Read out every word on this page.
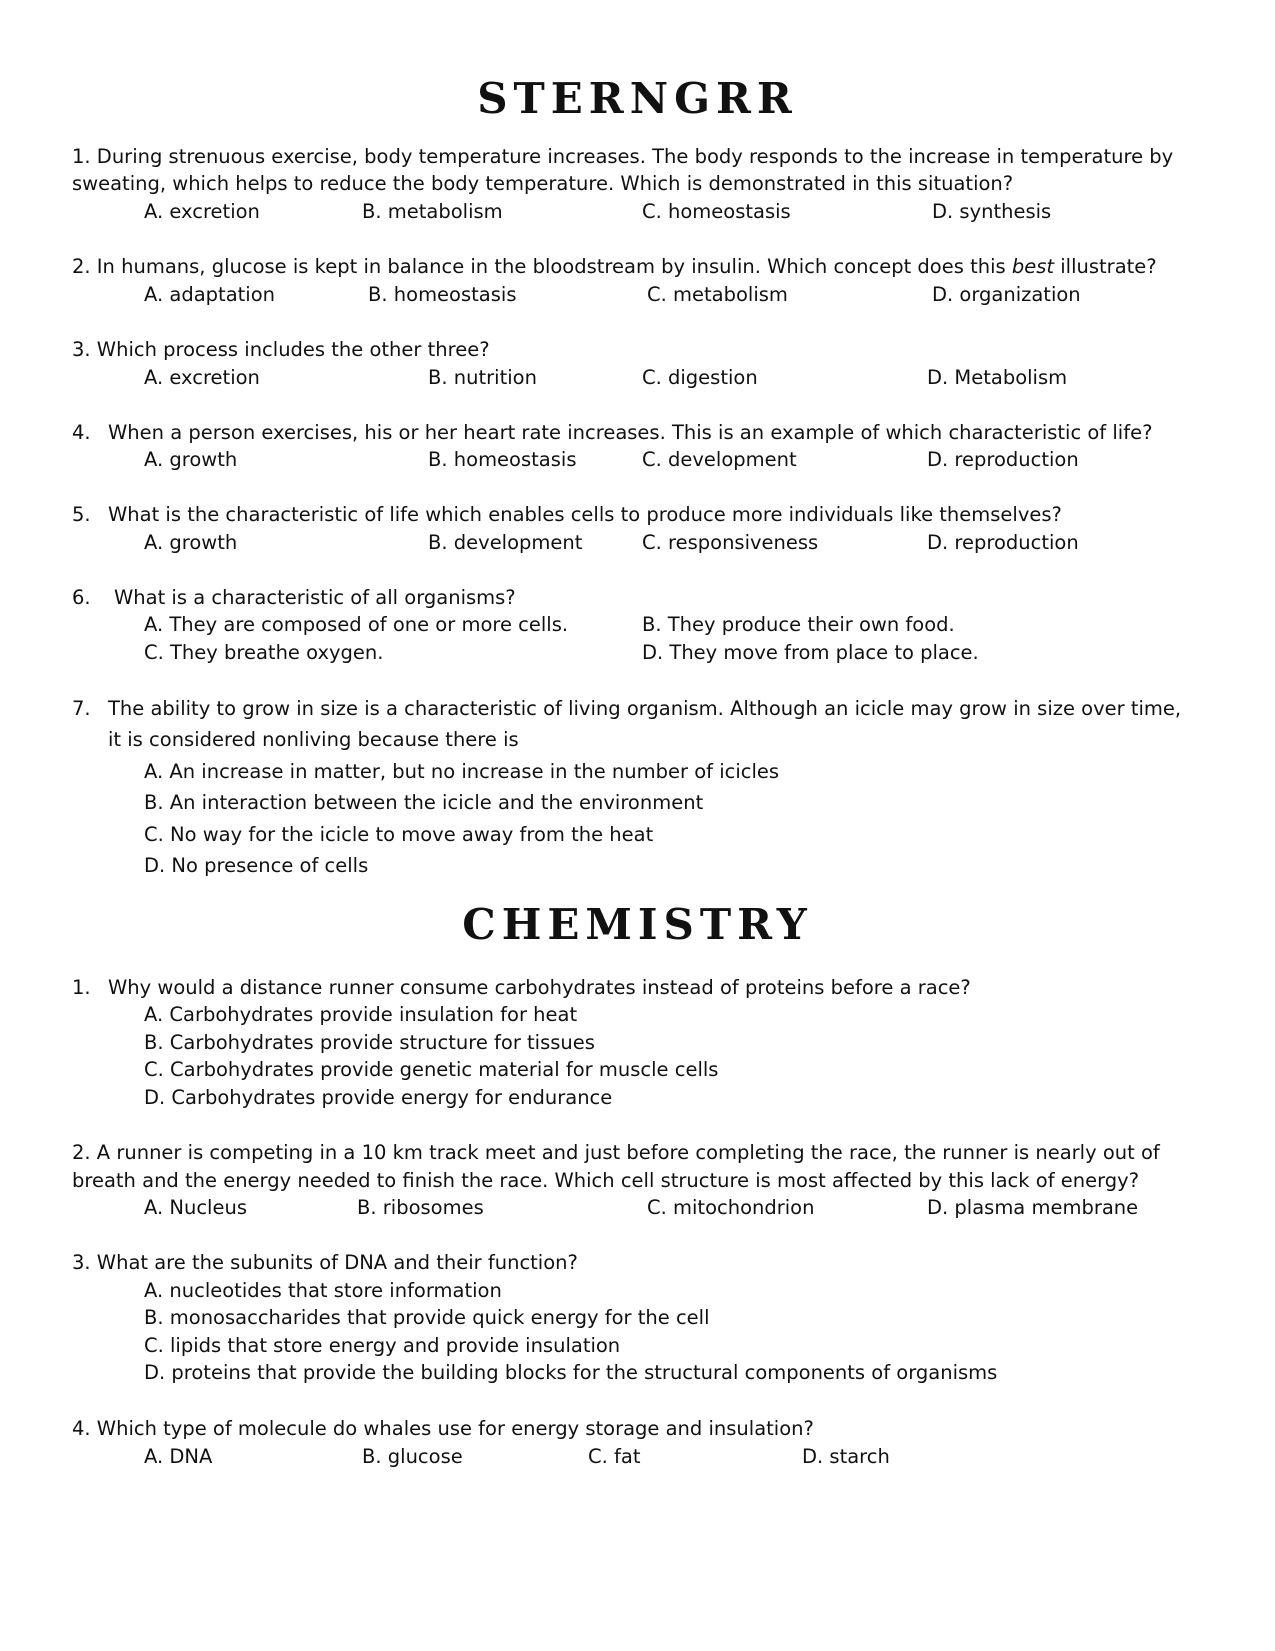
STERNGRR

1. During strenuous exercise, body temperature increases. The body responds to the increase in temperature by

sweating, which helps to reduce the body temperature. Which is demonstrated in this situation?

A. excretion	B. metabolism	C. homeostasis	D. synthesis

2. In humans, glucose is kept in balance in the bloodstream by insulin. Which concept does this best illustrate?

A. adaptation	B. homeostasis	C. metabolism	D. organization

3. Which process includes the other three?

A. excretion	B. nutrition	C. digestion	D. Metabolism
4. When a person exercises, his or her heart rate increases. This is an example of which characteristic of life?

A. growth	B. homeostasis	C. development	D. reproduction
5. What is the characteristic of life which enables cells to produce more individuals like themselves?

A. growth	B. development	C. responsiveness	D. reproduction
6. What is a characteristic of all organisms?

A. They are composed of one or more cells.	B. They produce their own food.
C. They breathe oxygen.	D. They move from place to place.
7. The ability to grow in size is a characteristic of living organism. Although an icicle may grow in size over time,

it is considered nonliving because there is

A. An increase in matter, but no increase in the number of icicles
B. An interaction between the icicle and the environment
C. No way for the icicle to move away from the heat
D. No presence of cells
CHEMISTRY
1. Why would a distance runner consume carbohydrates instead of proteins before a race?

A. Carbohydrates provide insulation for heat
B. Carbohydrates provide structure for tissues
C. Carbohydrates provide genetic material for muscle cells
D. Carbohydrates provide energy for endurance

2. A runner is competing in a 10 km track meet and just before completing the race, the runner is nearly out of

breath and the energy needed to finish the race. Which cell structure is most affected by this lack of energy?

A. Nucleus	B. ribosomes	C. mitochondrion	D. plasma membrane

3. What are the subunits of DNA and their function?

A. nucleotides that store information
B. monosaccharides that provide quick energy for the cell
C. lipids that store energy and provide insulation
D. proteins that provide the building blocks for the structural components of organisms

4. Which type of molecule do whales use for energy storage and insulation?

A. DNA	B. glucose	C. fat	D. starch
